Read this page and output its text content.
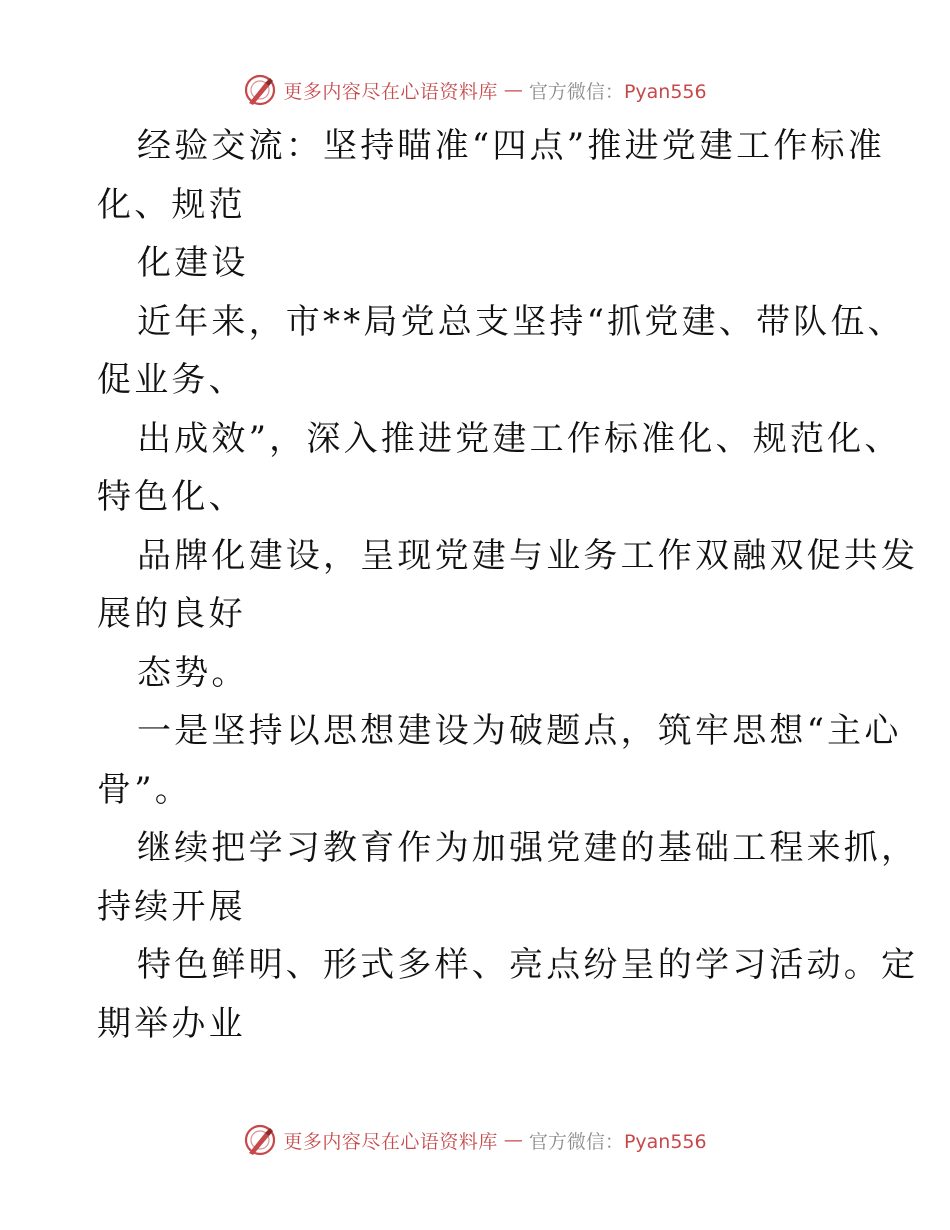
更多内容尽在心语资料库 — 官方微信：Pyan556
经验交流：坚持瞄准“四点”推进党建工作标准
化、规范
化建设
近年来，市**局党总支坚持“抓党建、带队伍、
促业务、
出成效”，深入推进党建工作标准化、规范化、
特色化、
品牌化建设，呈现党建与业务工作双融双促共发
展的良好
态势。
一是坚持以思想建设为破题点，筑牢思想“主心
骨”。
继续把学习教育作为加强党建的基础工程来抓，
持续开展
特色鲜明、形式多样、亮点纷呈的学习活动。定
期举办业
更多内容尽在心语资料库 — 官方微信：Pyan556
